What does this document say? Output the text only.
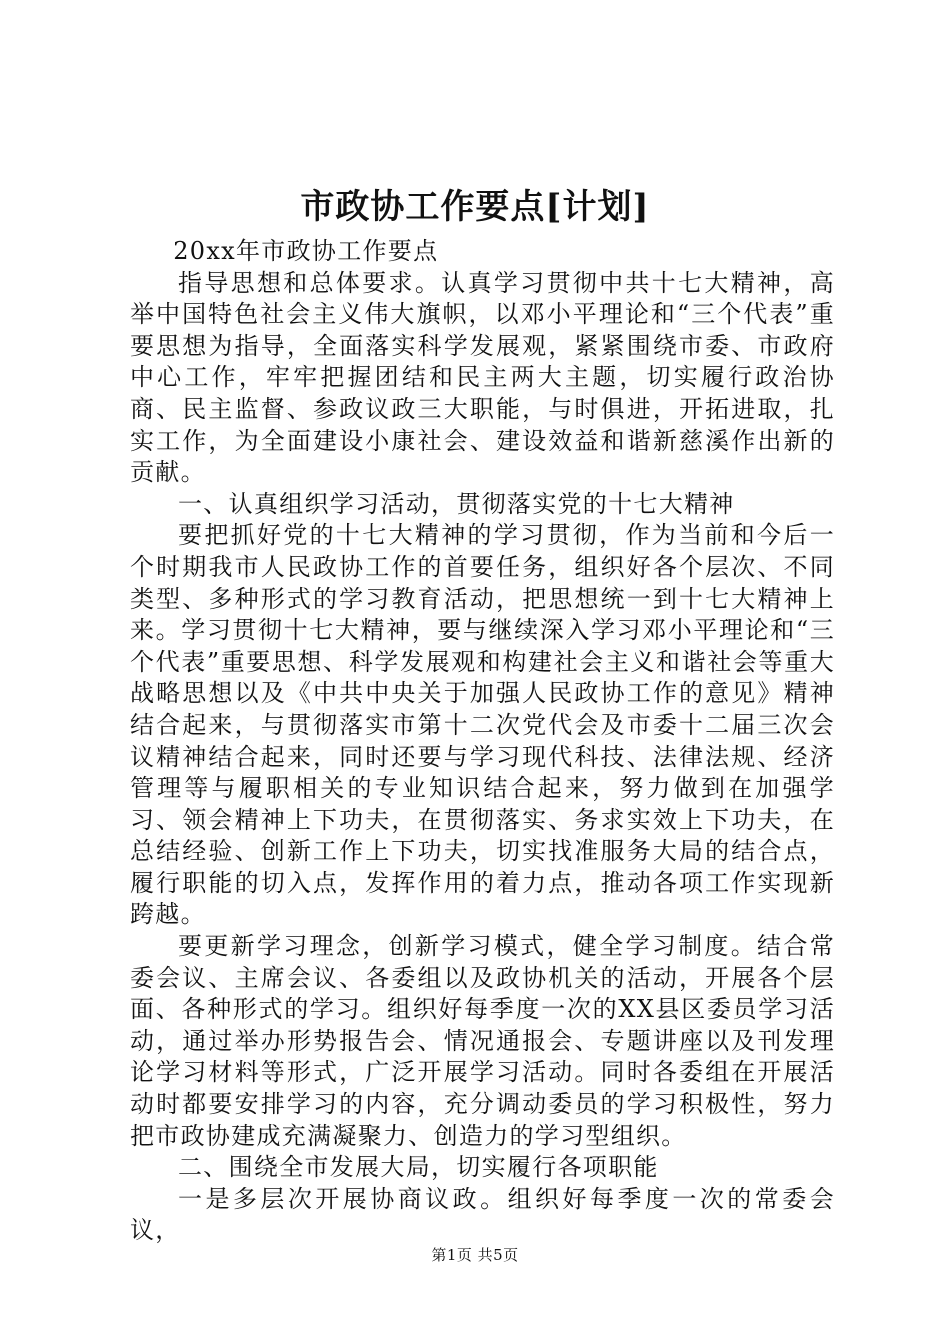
市政协工作要点[计划]

20xx年市政协工作要点

指导思想和总体要求。认真学习贯彻中共十七大精神，高举中国特色社会主义伟大旗帜，以邓小平理论和“三个代表”重要思想为指导，全面落实科学发展观，紧紧围绕市委、市政府中心工作，牢牢把握团结和民主两大主题，切实履行政治协商、民主监督、参政议政三大职能，与时俱进，开拓进取，扎实工作，为全面建设小康社会、建设效益和谐新慈溪作出新的贡献。

一、认真组织学习活动，贯彻落实党的十七大精神

要把抓好党的十七大精神的学习贯彻，作为当前和今后一个时期我市人民政协工作的首要任务，组织好各个层次、不同类型、多种形式的学习教育活动，把思想统一到十七大精神上来。学习贯彻十七大精神，要与继续深入学习邓小平理论和“三个代表”重要思想、科学发展观和构建社会主义和谐社会等重大战略思想以及《中共中央关于加强人民政协工作的意见》精神结合起来，与贯彻落实市第十二次党代会及市委十二届三次会议精神结合起来，同时还要与学习现代科技、法律法规、经济管理等与履职相关的专业知识结合起来，努力做到在加强学习、领会精神上下功夫，在贯彻落实、务求实效上下功夫，在总结经验、创新工作上下功夫，切实找准服务大局的结合点，履行职能的切入点，发挥作用的着力点，推动各项工作实现新跨越。

要更新学习理念，创新学习模式，健全学习制度。结合常委会议、主席会议、各委组以及政协机关的活动，开展各个层面、各种形式的学习。组织好每季度一次的XX县区委员学习活动，通过举办形势报告会、情况通报会、专题讲座以及刊发理论学习材料等形式，广泛开展学习活动。同时各委组在开展活动时都要安排学习的内容，充分调动委员的学习积极性，努力把市政协建成充满凝聚力、创造力的学习型组织。

二、围绕全市发展大局，切实履行各项职能

一是多层次开展协商议政。组织好每季度一次的常委会议，

第1页 共5页
